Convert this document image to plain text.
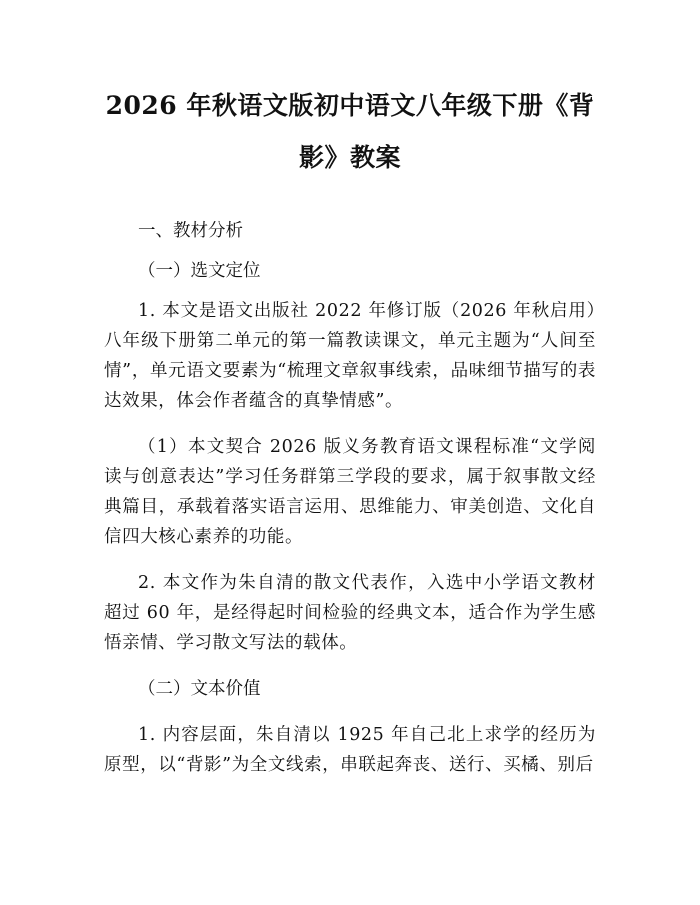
2026 年秋语文版初中语文八年级下册《背
影》教案

一、教材分析

（一）选文定位

1. 本文是语文出版社 2022 年修订版（2026 年秋启用）八年级下册第二单元的第一篇教读课文，单元主题为“人间至情”，单元语文要素为“梳理文章叙事线索，品味细节描写的表达效果，体会作者蕴含的真挚情感”。

（1）本文契合 2026 版义务教育语文课程标准“文学阅读与创意表达”学习任务群第三学段的要求，属于叙事散文经典篇目，承载着落实语言运用、思维能力、审美创造、文化自信四大核心素养的功能。

2. 本文作为朱自清的散文代表作，入选中小学语文教材超过 60 年，是经得起时间检验的经典文本，适合作为学生感悟亲情、学习散文写法的载体。

（二）文本价值

1. 内容层面，朱自清以 1925 年自己北上求学的经历为原型，以“背影”为全文线索，串联起奔丧、送行、买橘、别后
